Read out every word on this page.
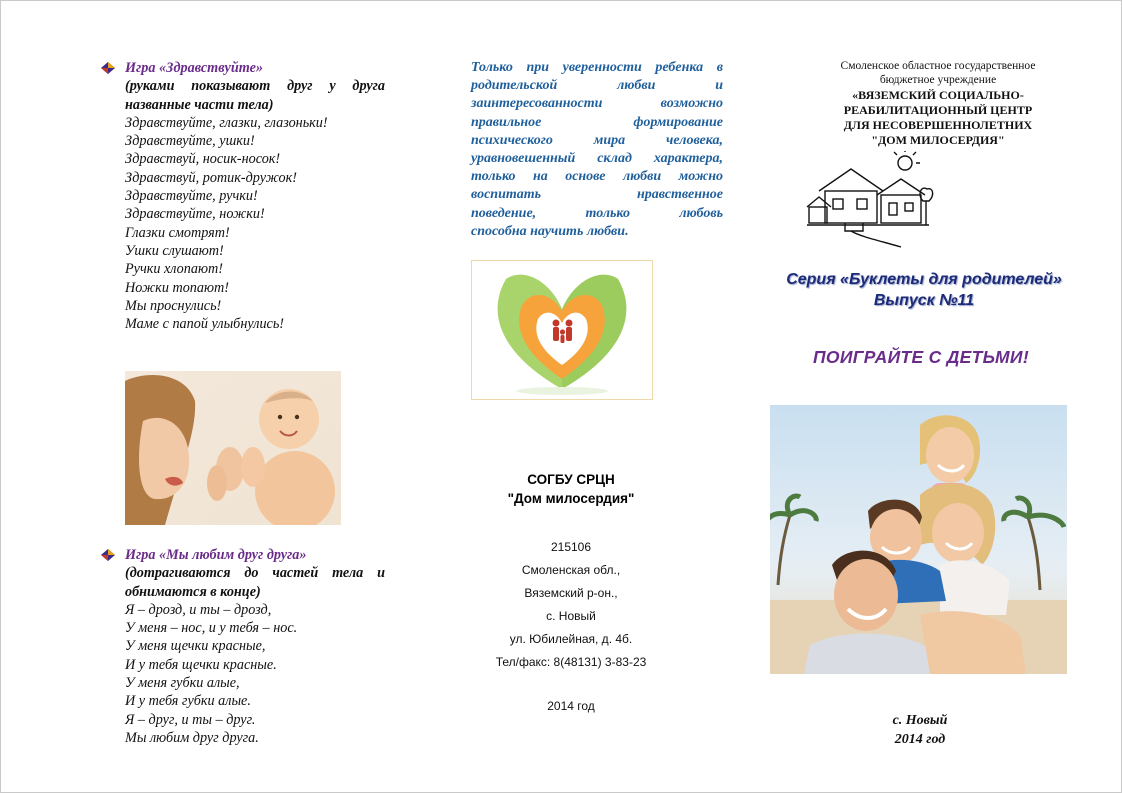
Игра «Здравствуйте»
(руками показывают друг у друга названные части тела)
Здравствуйте, глазки, глазоньки!
Здравствуйте, ушки!
Здравствуй, носик-носок!
Здравствуй, ротик-дружок!
Здравствуйте, ручки!
Здравствуйте, ножки!
Глазки смотрят!
Ушки слушают!
Ручки хлопают!
Ножки топают!
Мы проснулись!
Маме с папой улыбнулись!
Игра «Мы любим друг друга»
(дотрагиваются до частей тела и обнимаются в конце)
Я – дрозд, и ты – дрозд,
У меня – нос, и у тебя – нос.
У меня щечки красные,
И у тебя щечки красные.
У меня губки алые,
И у тебя губки алые.
Я – друг, и ты – друг.
Мы любим друг друга.
Только при уверенности ребенка в
родительской любви и
заинтересованности возможно
правильное формирование
психического мира человека,
уравновешенный склад характера,
только на основе любви можно
воспитать нравственное
поведение, только любовь
способна научить любви.
СОГБУ СРЦН
"Дом милосердия"
215106
Смоленская обл.,
Вяземский р-он.,
с. Новый
ул. Юбилейная, д. 4б.
Тел/факс: 8(48131) 3-83-23
2014 год
Смоленское областное государственное
бюджетное учреждение
«ВЯЗЕМСКИЙ СОЦИАЛЬНО-
РЕАБИЛИТАЦИОННЫЙ ЦЕНТР
ДЛЯ НЕСОВЕРШЕННОЛЕТНИХ
"ДОМ МИЛОСЕРДИЯ"
Серия «Буклеты для родителей»
Выпуск №11
ПОИГРАЙТЕ С ДЕТЬМИ!
с. Новый
2014 год
